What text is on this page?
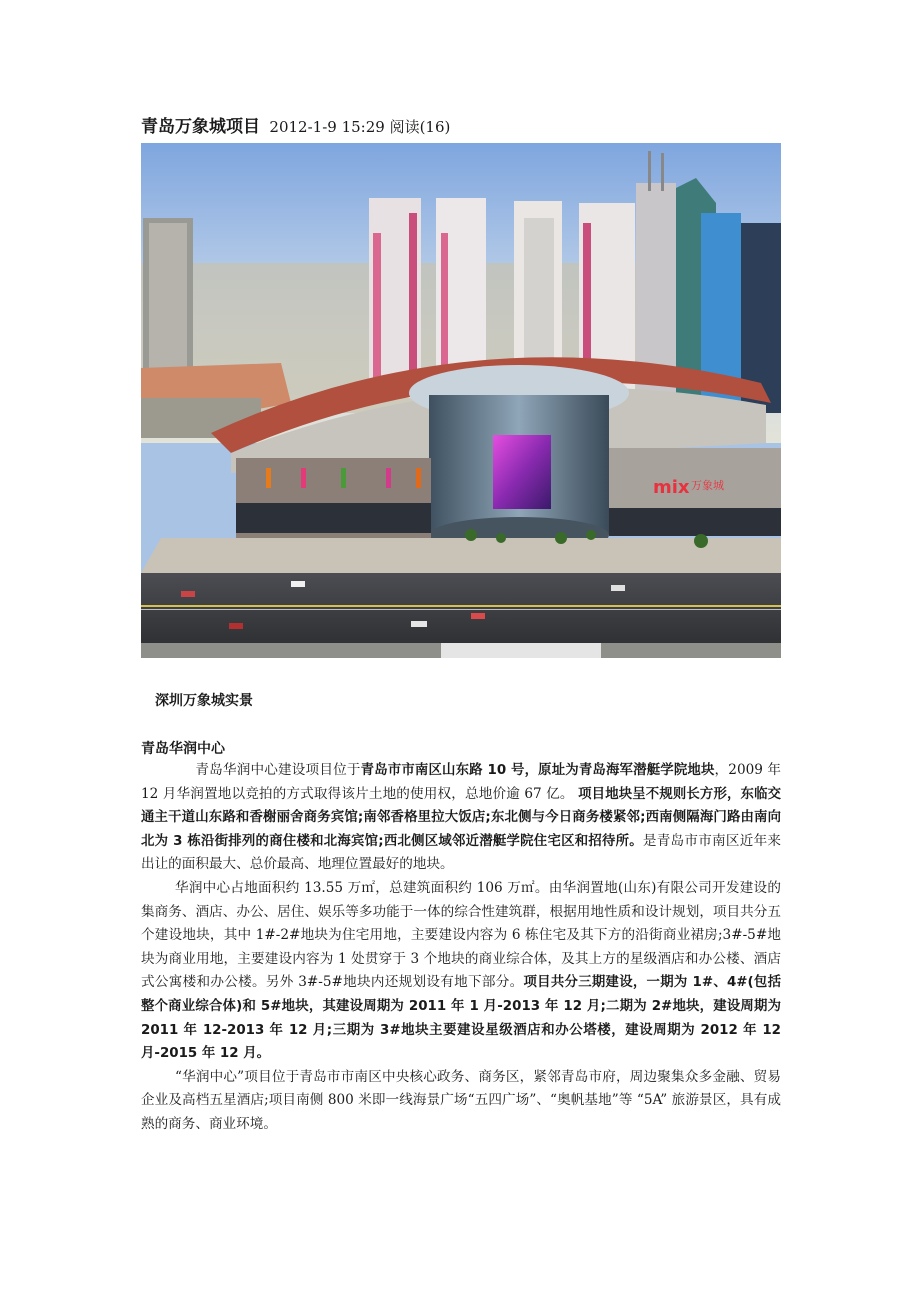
青岛万象城项目 2012-1-9 15:29 阅读(16)
mix 万象城
深圳万象城实景
青岛华润中心

青岛华润中心建设项目位于青岛市市南区山东路 10 号，原址为青岛海军潜艇学院地块，2009 年 12 月华润置地以竞拍的方式取得该片土地的使用权，总地价逾 67 亿。 项目地块呈不规则长方形，东临交通主干道山东路和香榭丽舍商务宾馆;南邻香格里拉大饭店;东北侧与今日商务楼紧邻;西南侧隔海门路由南向北为 3 栋沿街排列的商住楼和北海宾馆;西北侧区域邻近潜艇学院住宅区和招待所。是青岛市市南区近年来出让的面积最大、总价最高、地理位置最好的地块。

华润中心占地面积约 13.55 万㎡，总建筑面积约 106 万㎡。由华润置地(山东)有限公司开发建设的集商务、酒店、办公、居住、娱乐等多功能于一体的综合性建筑群，根据用地性质和设计规划，项目共分五个建设地块，其中 1#-2#地块为住宅用地，主要建设内容为 6 栋住宅及其下方的沿街商业裙房;3#-5#地块为商业用地，主要建设内容为 1 处贯穿于 3 个地块的商业综合体，及其上方的星级酒店和办公楼、酒店式公寓楼和办公楼。另外 3#-5#地块内还规划设有地下部分。项目共分三期建设，一期为 1#、4#(包括整个商业综合体)和 5#地块，其建设周期为 2011 年 1 月-2013 年 12 月;二期为 2#地块，建设周期为 2011 年 12-2013 年 12 月;三期为 3#地块主要建设星级酒店和办公塔楼，建设周期为 2012 年 12 月-2015 年 12 月。

“华润中心”项目位于青岛市市南区中央核心政务、商务区，紧邻青岛市府，周边聚集众多金融、贸易企业及高档五星酒店;项目南侧 800 米即一线海景广场“五四广场”、“奥帆基地”等 “5A” 旅游景区，具有成熟的商务、商业环境。
